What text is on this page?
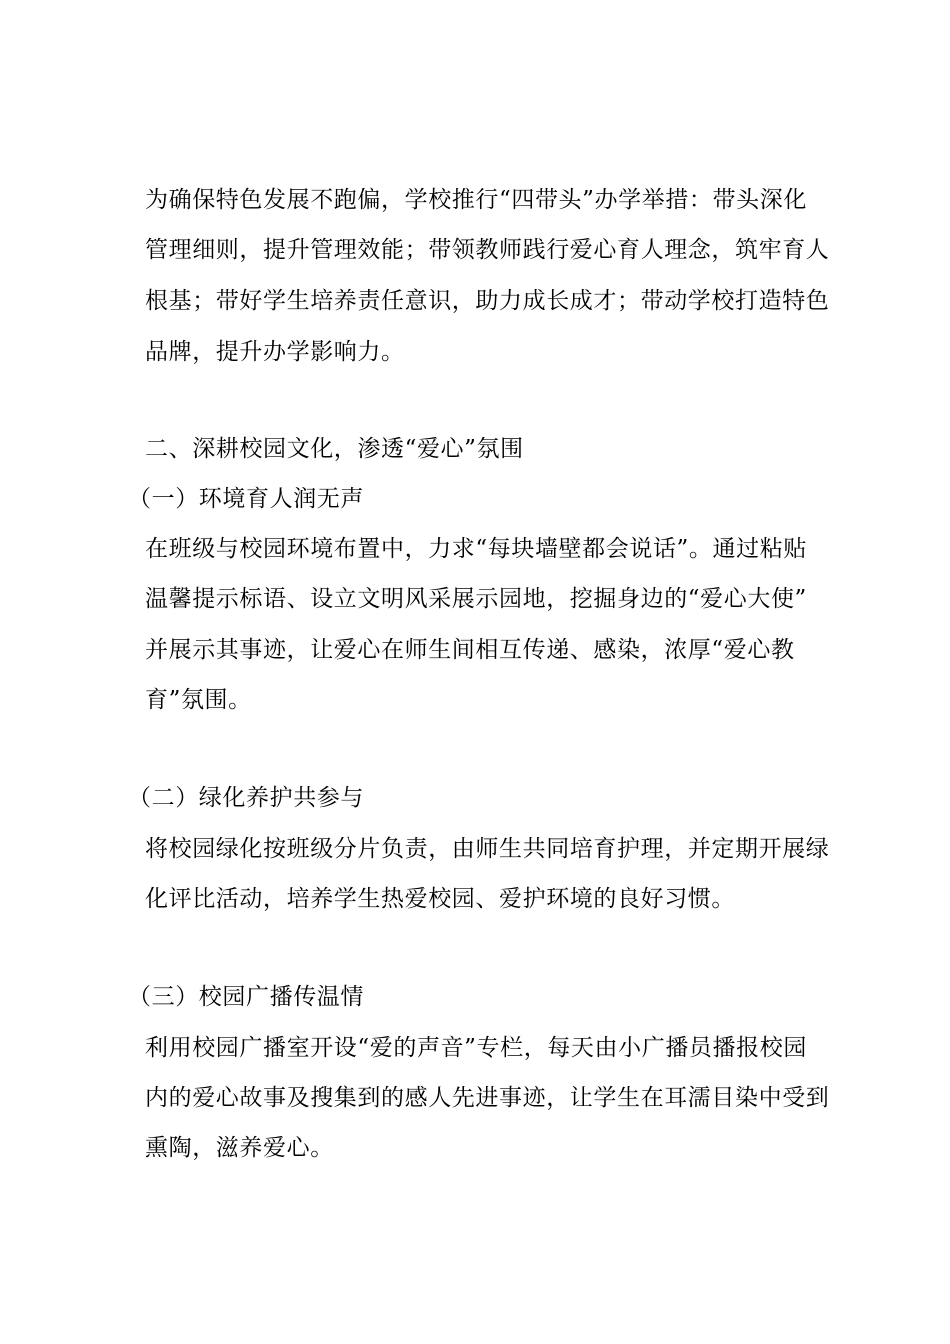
为确保特色发展不跑偏，学校推行“四带头”办学举措：带头深化
管理细则，提升管理效能；带领教师践行爱心育人理念，筑牢育人
根基；带好学生培养责任意识，助力成长成才；带动学校打造特色
品牌，提升办学影响力。
二、深耕校园文化，渗透“爱心”氛围
（一）环境育人润无声
在班级与校园环境布置中，力求“每块墙壁都会说话”。通过粘贴
温馨提示标语、设立文明风采展示园地，挖掘身边的“爱心大使”
并展示其事迹，让爱心在师生间相互传递、感染，浓厚“爱心教
育”氛围。
（二）绿化养护共参与
将校园绿化按班级分片负责，由师生共同培育护理，并定期开展绿
化评比活动，培养学生热爱校园、爱护环境的良好习惯。
（三）校园广播传温情
利用校园广播室开设“爱的声音”专栏，每天由小广播员播报校园
内的爱心故事及搜集到的感人先进事迹，让学生在耳濡目染中受到
熏陶，滋养爱心。
